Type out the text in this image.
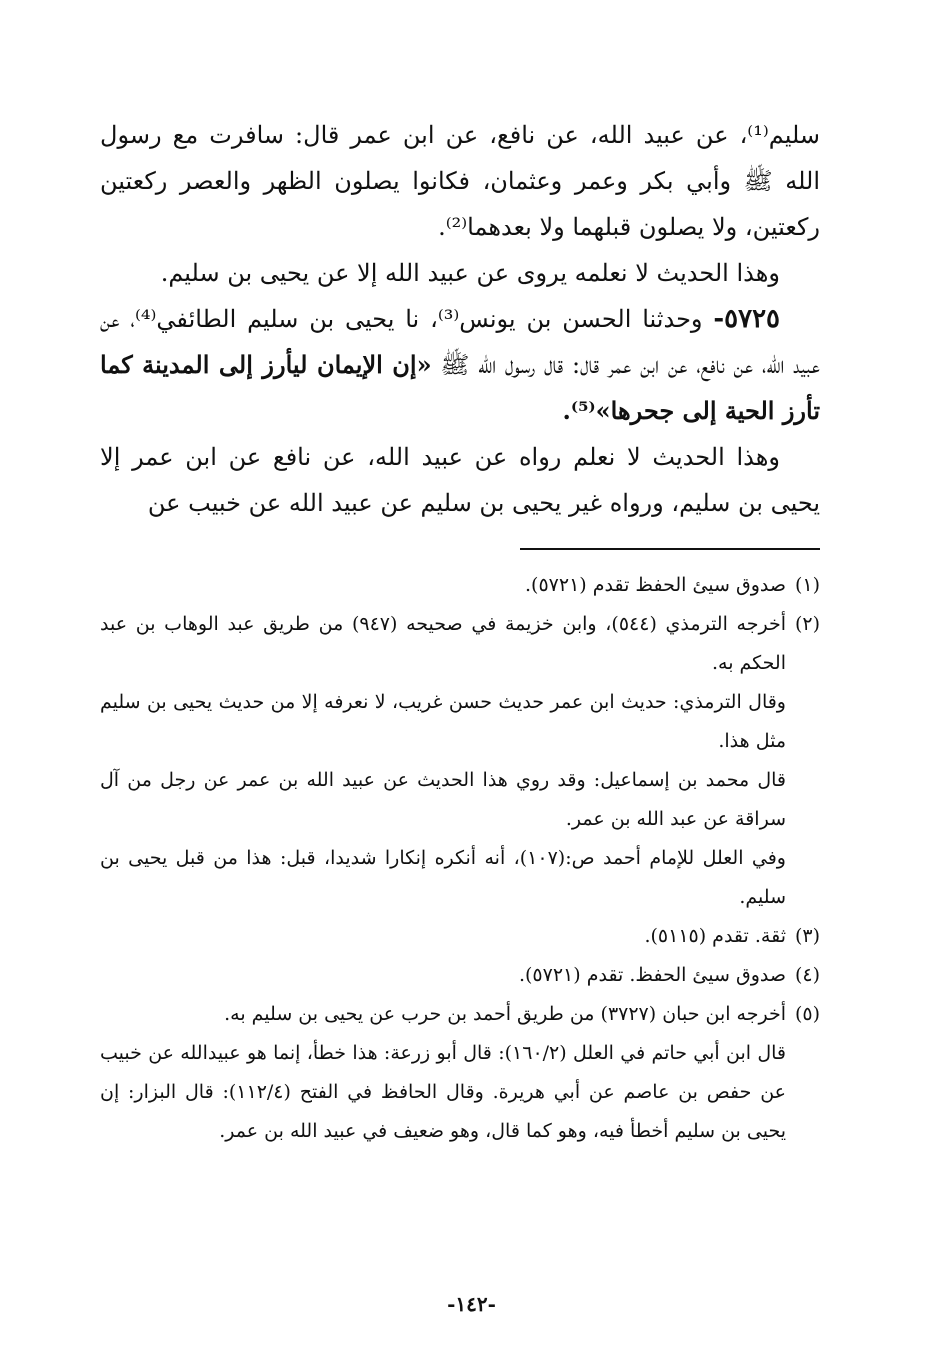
سليم⁽¹⁾، عن عبيد الله، عن نافع، عن ابن عمر قال: سافرت مع رسول الله ﷺ وأبي بكر وعمر وعثمان، فكانوا يصلون الظهر والعصر ركعتين ركعتين، ولا يصلون قبلهما ولا بعدهما⁽²⁾.

وهذا الحديث لا نعلمه يروى عن عبيد الله إلا عن يحيى بن سليم.

٥٧٢٥- وحدثنا الحسن بن يونس⁽³⁾، نا يحيى بن سليم الطائفي⁽⁴⁾، عن عبيد الله، عن نافع، عن ابن عمر قال: قال رسول الله ﷺ «إن الإيمان ليأرز إلى المدينة كما تأرز الحية إلى جحرها»⁽⁵⁾.

وهذا الحديث لا نعلم رواه عن عبيد الله، عن نافع عن ابن عمر إلا يحيى بن سليم، ورواه غير يحيى بن سليم عن عبيد الله عن خبيب عن

(١)صدوق سيئ الحفظ تقدم (٥٧٢١).

(٢)أخرجه الترمذي (٥٤٤)، وابن خزيمة في صحيحه (٩٤٧) من طريق عبد الوهاب بن عبد الحكم به.

وقال الترمذي: حديث ابن عمر حديث حسن غريب، لا نعرفه إلا من حديث يحيى بن سليم مثل هذا.

قال محمد بن إسماعيل: وقد روي هذا الحديث عن عبيد الله بن عمر عن رجل من آل سراقة عن عبد الله بن عمر.

وفي العلل للإمام أحمد ص:(١٠٧)، أنه أنكره إنكارا شديدا، قبل: هذا من قبل يحيى بن سليم.

(٣)ثقة. تقدم (٥١١٥).

(٤)صدوق سيئ الحفظ. تقدم (٥٧٢١).

(٥)أخرجه ابن حبان (٣٧٢٧) من طريق أحمد بن حرب عن يحيى بن سليم به.

قال ابن أبي حاتم في العلل (١٦٠/٢): قال أبو زرعة: هذا خطأ، إنما هو عبيدالله عن خبيب عن حفص بن عاصم عن أبي هريرة. وقال الحافظ في الفتح (١١٢/٤): قال البزار: إن يحيى بن سليم أخطأ فيه، وهو كما قال، وهو ضعيف في عبيد الله بن عمر.

-١٤٢-
